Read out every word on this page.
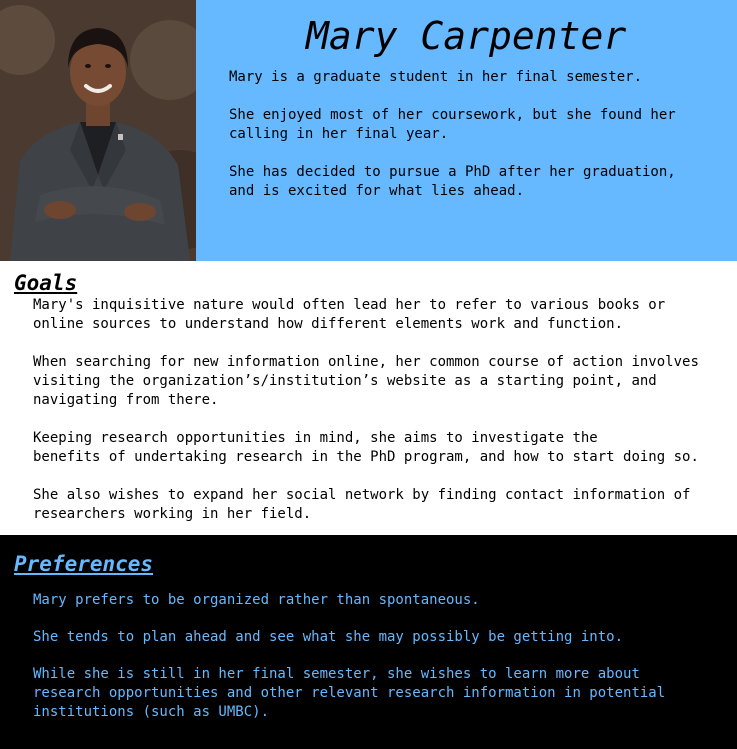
Mary Carpenter

Mary is a graduate student in her final semester.

She enjoyed most of her coursework, but she found her
calling in her final year.

She has decided to pursue a PhD after her graduation,
and is excited for what lies ahead.

Goals

Mary's inquisitive nature would often lead her to refer to various books or
online sources to understand how different elements work and function.

When searching for new information online, her common course of action involves
visiting the organization’s/institution’s website as a starting point, and
navigating from there.

Keeping research opportunities in mind, she aims to investigate the
benefits of undertaking research in the PhD program, and how to start doing so.

She also wishes to expand her social network by finding contact information of
researchers working in her field.

Preferences

Mary prefers to be organized rather than spontaneous.

She tends to plan ahead and see what she may possibly be getting into.

While she is still in her final semester, she wishes to learn more about
research opportunities and other relevant research information in potential
institutions (such as UMBC).
